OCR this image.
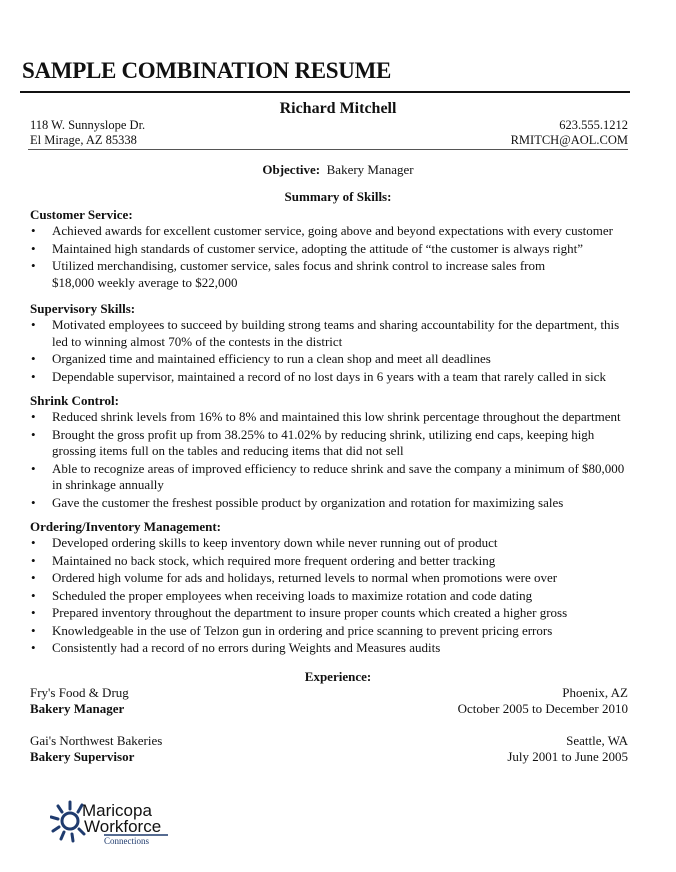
SAMPLE COMBINATION RESUME
Richard Mitchell
118 W. Sunnyslope Dr.
El Mirage, AZ 85338
623.555.1212
RMITCH@AOL.COM
Objective: Bakery Manager
Summary of Skills:
Customer Service:
• Achieved awards for excellent customer service, going above and beyond expectations with every customer
• Maintained high standards of customer service, adopting the attitude of “the customer is always right”
• Utilized merchandising, customer service, sales focus and shrink control to increase sales from $18,000 weekly average to $22,000
Supervisory Skills:
• Motivated employees to succeed by building strong teams and sharing accountability for the department, this led to winning almost 70% of the contests in the district
• Organized time and maintained efficiency to run a clean shop and meet all deadlines
• Dependable supervisor, maintained a record of no lost days in 6 years with a team that rarely called in sick
Shrink Control:
• Reduced shrink levels from 16% to 8% and maintained this low shrink percentage throughout the department
• Brought the gross profit up from 38.25% to 41.02% by reducing shrink, utilizing end caps, keeping high grossing items full on the tables and reducing items that did not sell
• Able to recognize areas of improved efficiency to reduce shrink and save the company a minimum of $80,000 in shrinkage annually
• Gave the customer the freshest possible product by organization and rotation for maximizing sales
Ordering/Inventory Management:
• Developed ordering skills to keep inventory down while never running out of product
• Maintained no back stock, which required more frequent ordering and better tracking
• Ordered high volume for ads and holidays, returned levels to normal when promotions were over
• Scheduled the proper employees when receiving loads to maximize rotation and code dating
• Prepared inventory throughout the department to insure proper counts which created a higher gross
• Knowledgeable in the use of Telzon gun in ordering and price scanning to prevent pricing errors
• Consistently had a record of no errors during Weights and Measures audits
Experience:
Fry's Food & Drug	Phoenix, AZ
Bakery Manager	October 2005 to December 2010
Gai's Northwest Bakeries	Seattle, WA
Bakery Supervisor	July 2001 to June 2005
Maricopa
Workforce
Connections
